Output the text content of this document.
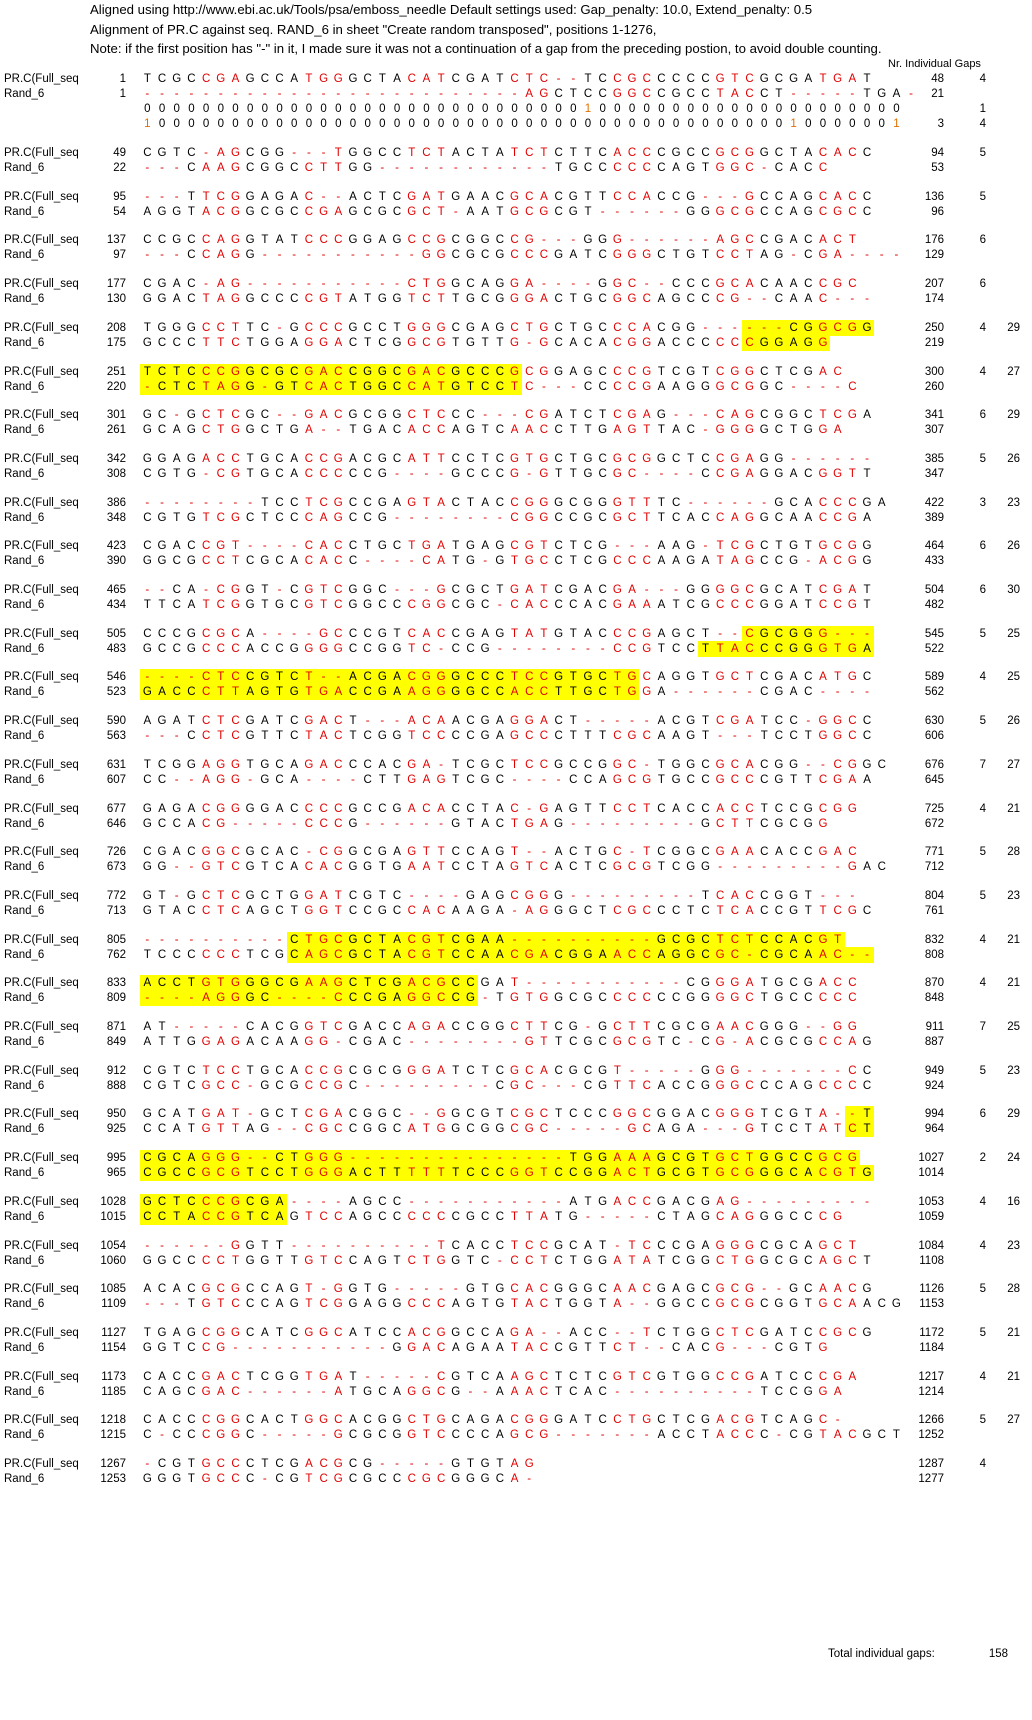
Aligned using http://www.ebi.ac.uk/Tools/psa/emboss_needle Default settings used: Gap_penalty: 10.0, Extend_penalty: 0.5
Alignment of PR.C against seq. RAND_6 in sheet "Create random transposed", positions 1-1276,
Note: if the first position has "-" in it, I made sure it was not a continuation of a gap from the preceding postion, to avoid double counting.
Nr. Individual Gaps
PR.C(Full_seq	1	T C G C C G A G C C A T G G G C T A C A T C G A T C T C - - T C C G C C C C C G T C G C G A T G A T	48	4
Rand_6	1	- - - - - - - - - - - - - - - - - - - - - - - - - - A G C T C C G G C C G C C T A C C T - - - - - T G A -	21
0 0 0 0 0 0 0 0 0 0 0 0 0 0 0 0 0 0 0 0 0 0 0 0 0 0 0 0 0 0 1 0 0 0 0 0 0 0 0 0 0 0 0 0 0 0 0 0 0 0 0 0	1
1 0 0 0 0 0 0 0 0 0 0 0 0 0 0 0 0 0 0 0 0 0 0 0 0 0 0 0 0 0 0 0 0 0 0 0 0 0 0 0 0 0 0 0 1 0 0 0 0 0 0 1	3	4
PR.C(Full_seq	49 C G T C - A G C G G - - - T G G C C T C T A C T A T C T C T T C A C C C G C C G C G G C T A C A C C	94	5
Rand_6	22	- - - C A A G C G G C C T T G G - - - - - - - - - - - - T G C C C C C C A G T G G C - C A C C	53
PR.C(Full_seq	95	- - - T T C G G A G A C - - A C T C G A T G A A C G C A C G T T C C A C C G - - - G C C A G C A C C	136	5
Rand_6	54	A G G T A C G G C G C C G A G C G C G C T - A A T G C G C G T - - - - - - G G G C G C C A G C G C C	96
PR.C(Full_seq	137 C C G C C A G G T A T C C C G G A G C C G C G G C C G - - - G G G - - - - - - A G C C G A C A C T	176	6
Rand_6	97	- - - C C A G G - - - - - - - - - - - G G C G C G C C C G A T C G G G C T G T C C T A G - C G A - - - -	129
PR.C(Full_seq	177 C G A C - A G - - - - - - - - - - - C T G G C A G G A - - - - G G C - - C C C G C A C A A C C G C	207	6
Rand_6	130 G G A C T A G G C C C C G T A T G G T C T T G C G G G A C T G C G G C A G C C C G - - C A A C - - -	174
PR.C(Full_seq	208	T G G G C C T T C - G C C C G C C T G G G C G A G C T G C T G C C C A C G G - - - - - - C G G C G G	250	4	29
Rand_6	175 G C C C T T C T G G A G G A C T C G G C G T G T T G - G C A C A C G G A C C C C C C G G A G G	219
PR.C(Full_seq	251	T C T C C C G G C G C G A C C G G C G A C G C C C G C G G A G C C C G T C G T C G G C T C G A C	300	4	27
Rand_6	220	- C T C T A G G - G T C A C T G G C C A T G T C C T C - - - C C C C G A A G G G C G G C - - - - C	260
PR.C(Full_seq	301 G C - G C T C G C - - G A C G C G G C T C C C - - - C G A T C T C G A G - - - C A G C G G C T C G A	341	6	29
Rand_6	261 G C A G C T G G C T G A - - T G A C A C C A G T C A A C C T T G A G T T A C - G G G G C T G G A	307
PR.C(Full_seq	342 G G A G A C C T G C A C C G A C G C A T T C C T C G T G C T G C G C G G C T C C G A G G - - - - - -	385	5	26
Rand_6	308 C G T G - C G T G C A C C C C C G - - - - G C C C G - G T T G C G C - - - - C C G A G G A C G G T T	347
PR.C(Full_seq	386	- - - - - - - - T C C T C G C C G A G T A C T A C C G G G C G G G T T T C - - - - - - G C A C C C G A	422	3	23
Rand_6	348 C G T G T C G C T C C C A G C C G - - - - - - - - C G G C C G C G C T T C A C C A G G C A A C C G A	389
PR.C(Full_seq	423 C G A C C G T - - - - C A C C T G C T G A T G A G C G T C T C G - - - A A G - T C G C T G T G C G G	464	6	26
Rand_6	390 G G C G C C T C G C A C A C C - - - - C A T G - G T G C C T C G C C C A A G A T A G C C G - A C G G	433
PR.C(Full_seq	465	- - C A - C G G T - C G T C G G C - - - G C G C T G A T C G A C G A - - - G G G G C G C A T C G A T	504	6	30
Rand_6	434	T T C A T C G G T G C G T C G G C C C G G C G C - C A C C C A C G A A A T C G C C C G G A T C C G T	482
PR.C(Full_seq	505 C C C G C G C A - - - - G C C C G T C A C C G A G T A T G T A C C C G A G C T - - C G C G G G - - -	545	5	25
Rand_6	483 G C C G C C C A C C G G G G C C G G T C - C C G - - - - - - - - C C G T C C T T A C C C G G G T G A	522
PR.C(Full_seq	546	- - - - C T C C G T C T - - A C G A C G G G C C C T C C G T G C T G C A G G T G C T C G A C A T G C	589	4	25
Rand_6	523 G A C C C T T A G T G T G A C C G A A G G G G C C A C C T T G C T G G A - - - - - - C G A C - - - -	562
PR.C(Full_seq	590	A G A T C T C G A T C G A C T - - - A C A A C G A G G A C T - - - - - A C G T C G A T C C - G G C C	630	5	26
Rand_6	563	- - - C C T C G T T C T A C T C G G T C C C C G A G C C C T T T C G C A A G T - - - T C C T G G C C	606
PR.C(Full_seq	631	T C G G A G G T G C A G A C C C A C G A - T C G C T C C G C C G G C - T G G C G C A C G G - - C G G C	676	7	27
Rand_6	607 C C - - A G G - G C A - - - - C T T G A G T C G C - - - - C C A G C G T G C C G C C C G T T C G A A	645
PR.C(Full_seq	677 G A G A C G G G G A C C C C G C C G A C A C C T A C - G A G T T C C T C A C C A C C T C C G C G G	725	4	21
Rand_6	646 G C C A C G - - - - - C C C G - - - - - - G T A C T G A G - - - - - - - - - G C T T C G C G G	672
PR.C(Full_seq	726 C G A C G G C G C A C - C G G C G A G T T C C A G T - - A C T G C - T C G G C G A A C A C C G A C	771	5	28
Rand_6	673 G G - - G T C G T C A C A C G G T G A A T C C T A G T C A C T C G C G T C G G - - - - - - - - - G A C	712
PR.C(Full_seq	772 G T - G C T C G C T G G A T C G T C - - - - G A G C G G G - - - - - - - - - T C A C C G G T - - -	804	5	23
Rand_6	713 G T A C C T C A G C T G G T C C G C C A C A A G A - A G G G C T C G C C C T C T C A C C G T T C G C	761
PR.C(Full_seq	805	- - - - - - - - - - C T G C G C T A C G T C G A A - - - - - - - - - - G C G C T C T C C A C G T	832	4	21
Rand_6	762	T C C C C C C T C G C A G C G C T A C G T C C A A C G A C G G A A C C A G G C G C - C G C A A C - -	808
PR.C(Full_seq	833	A C C T G T G G G C G A A G C T C G A C G C C G A T - - - - - - - - - - - C G G G A T G C G A C C	870	4	21
Rand_6	809	- - - - A G G G C - - - - C C C G A G G C C G - T G T G G C G C C C C C C G G G G C T G C C C C C	848
PR.C(Full_seq	871	A T - - - - - C A C G G T C G A C C A G A C C G G C T T C G - G C T T C G C G A A C G G G - - G G	911	7	25
Rand_6	849	A T T G G A G A C A A G G - C G A C - - - - - - - - G T T C G C G C G T C - C G - A C G C G C C A G	887
PR.C(Full_seq	912 C G T C T C C T G C A C C G C G C G G G A T C T C G C A C G C G T - - - - - G G G - - - - - - - C C	949	5	23
Rand_6	888 C G T C G C C - G C G C C G C - - - - - - - - - C G C - - - C G T T C A C C G G G C C C A G C C C C	924
PR.C(Full_seq	950 G C A T G A T - G C T C G A C G G C - - G G C G T C G C T C C C G G C G G A C G G G T C G T A - - T	994	6	29
Rand_6	925 C C A T G T T A G - - C G C C G G C A T G G C G G C G C - - - - - G C A G A - - - G T C C T A T C T	964
PR.C(Full_seq	995 C G C A G G G - - C T G G G - - - - - - - - - - - - - - - T G G A A A G C G T G C T G G C C G C G	1027	2	24
Rand_6	965 C G C C G C G T C C T G G G A C T T T T T T C C C G G T C C G G A C T G C G T G C G G G C A C G T G	1014
PR.C(Full_seq	1028 G C T C C C G C G A - - - - A G C C - - - - - - - - - - - A T G A C C G A C G A G - - - - - - - - -	1053	4	16
Rand_6	1015 C C T A C C G T C A G T C C A G C C C C C C G C C T T A T G - - - - - C T A G C A G G G C C C G	1059
PR.C(Full_seq	1054	- - - - - - G G T T - - - - - - - - - - T C A C C T C C G C A T - T C C C G A G G G C G C A G C T	1084	4	23
Rand_6	1060 G G C C C C T G G T T G T C C A G T C T G G T C - C C T C T G G A T A T C G G C T G G C G C A G C T	1108
PR.C(Full_seq	1085	A C A C G C G C C A G T - G G T G - - - - - G T G C A C G G G C A A C G A G C G C G - - G C A A C G	1126	5	28
Rand_6	1109	- - - T G T C C C A G T C G G A G G C C C A G T G T A C T G G T A - - G G C C G C G C G G T G C A A C G	1153
PR.C(Full_seq	1127	T G A G C G G C A T C G G C A T C C A C G G C C A G A - - A C C - - T C T G G C T C G A T C C G C G	1172	5	21
Rand_6	1154 G G T C C G - - - - - - - - - - - G G A C A G A A T A C C G T T C T - - C A C G - - - C G T G	1184
PR.C(Full_seq	1173 C A C C G A C T C G G T G A T - - - - - C G T C A A G C T C T C G T C G T G G C C G A T C C C G A	1217	4	21
Rand_6	1185 C A G C G A C - - - - - - A T G C A G G C G - - A A A C T C A C - - - - - - - - - - T C C G G A	1214
PR.C(Full_seq	1218 C A C C C G G C A C T G G C A C G G C T G C A G A C G G G A T C C T G C T C G A C G T C A G C -	1266	5	27
Rand_6	1215 C - C C C G G C - - - - - G C G C G G T C C C C A G C G - - - - - - - A C C T A C C C - C G T A C G C T	1252
PR.C(Full_seq	1267	- C G T G C C C T C G A C G C G - - - - - G T G T A G	1287	4
Rand_6	1253 G G G T G C C C - C G T C G C G C C C G C G G G C A -	1277
Total individual gaps:	158
